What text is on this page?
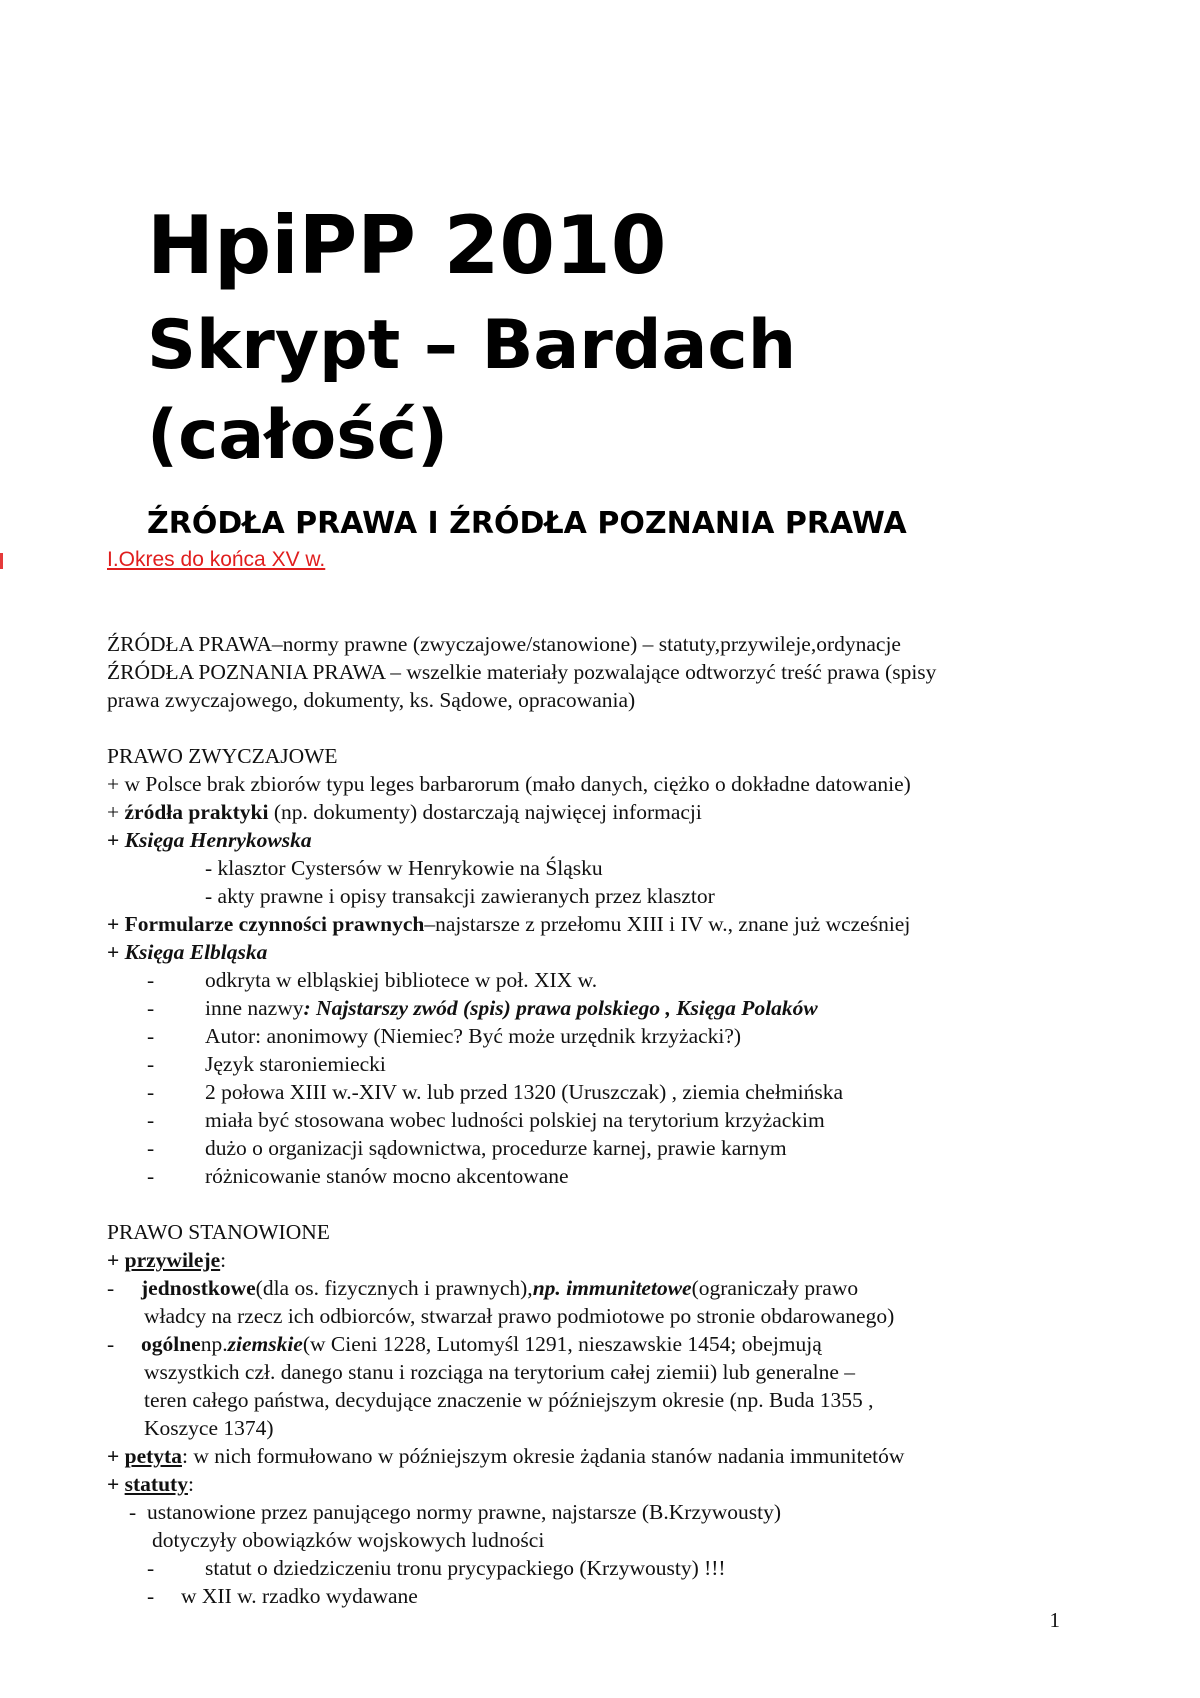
HpiPP 2010
Skrypt – Bardach
(całość)
ŹRÓDŁA PRAWA I ŹRÓDŁA POZNANIA PRAWA

I.Okres do końca XV w.

ŹRÓDŁA PRAWA–normy prawne (zwyczajowe/stanowione) – statuty,przywileje,ordynacje
ŹRÓDŁA POZNANIA PRAWA – wszelkie materiały pozwalające odtworzyć treść prawa (spisy
prawa zwyczajowego, dokumenty, ks. Sądowe, opracowania)
PRAWO ZWYCZAJOWE
+ w Polsce brak zbiorów typu leges barbarorum (mało danych, ciężko o dokładne datowanie)
+ źródła praktyki (np. dokumenty) dostarczają najwięcej informacji
+ Księga Henrykowska
- klasztor Cystersów w Henrykowie na Śląsku
- akty prawne i opisy transakcji zawieranych przez klasztor
+ Formularze czynności prawnych–najstarsze z przełomu XIII i IV w., znane już wcześniej
+ Księga Elbląska
-	odkryta w elbląskiej bibliotece w poł. XIX w.
-	inne nazwy : Najstarszy zwód (spis) prawa polskiego , Księga Polaków
-	Autor: anonimowy (Niemiec? Być może urzędnik krzyżacki?)
-	Język staroniemiecki
-	2 połowa XIII w.-XIV w. lub przed 1320 (Uruszczak) , ziemia chełmińska
-	miała być stosowana wobec ludności polskiej na terytorium krzyżackim
-	dużo o organizacji sądownictwa, procedurze karnej, prawie karnym
-	różnicowanie stanów mocno akcentowane
PRAWO STANOWIONE
+ przywileje:
-	jednostkowe (dla os. fizycznych i prawnych), np. immunitetowe (ograniczały prawo
władcy na rzecz ich odbiorców, stwarzał prawo podmiotowe po stronie obdarowanego)
-	ogólne np. ziemskie (w Cieni 1228, Lutomyśl 1291, nieszawskie 1454; obejmują
wszystkich czł. danego stanu i rozciąga na terytorium całej ziemii) lub generalne –
teren całego państwa, decydujące znaczenie w późniejszym okresie (np. Buda 1355 ,
Koszyce 1374)
+ petyta: w nich formułowano w późniejszym okresie żądania stanów nadania immunitetów
+ statuty:
- ustanowione przez panującego normy prawne, najstarsze (B.Krzywousty)
dotyczyły obowiązków wojskowych ludności
-	statut o dziedziczeniu tronu prycypackiego (Krzywousty) !!!
-	w XII w. rzadko wydawane

1
